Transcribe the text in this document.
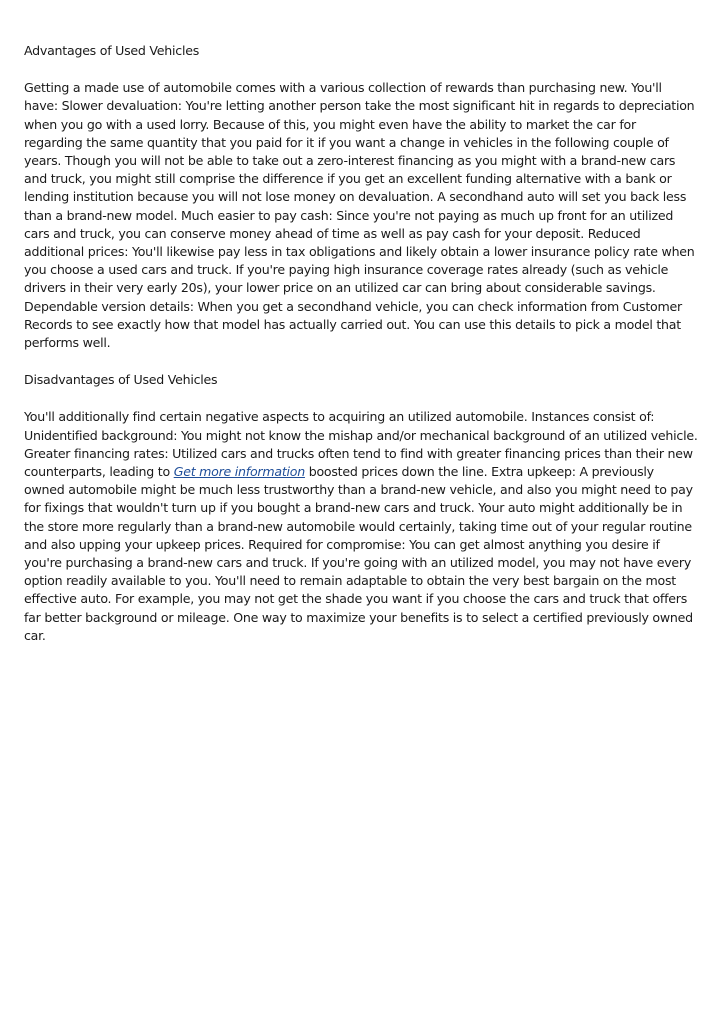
Advantages of Used Vehicles
Getting a made use of automobile comes with a various collection of rewards than purchasing new. You'll have: Slower devaluation: You're letting another person take the most significant hit in regards to depreciation when you go with a used lorry. Because of this, you might even have the ability to market the car for regarding the same quantity that you paid for it if you want a change in vehicles in the following couple of years. Though you will not be able to take out a zero-interest financing as you might with a brand-new cars and truck, you might still comprise the difference if you get an excellent funding alternative with a bank or lending institution because you will not lose money on devaluation. A secondhand auto will set you back less than a brand-new model. Much easier to pay cash: Since you're not paying as much up front for an utilized cars and truck, you can conserve money ahead of time as well as pay cash for your deposit. Reduced additional prices: You'll likewise pay less in tax obligations and likely obtain a lower insurance policy rate when you choose a used cars and truck. If you're paying high insurance coverage rates already (such as vehicle drivers in their very early 20s), your lower price on an utilized car can bring about considerable savings. Dependable version details: When you get a secondhand vehicle, you can check information from Customer Records to see exactly how that model has actually carried out. You can use this details to pick a model that performs well.
Disadvantages of Used Vehicles
You'll additionally find certain negative aspects to acquiring an utilized automobile. Instances consist of: Unidentified background: You might not know the mishap and/or mechanical background of an utilized vehicle. Greater financing rates: Utilized cars and trucks often tend to find with greater financing prices than their new counterparts, leading to Get more information boosted prices down the line. Extra upkeep: A previously owned automobile might be much less trustworthy than a brand-new vehicle, and also you might need to pay for fixings that wouldn't turn up if you bought a brand-new cars and truck. Your auto might additionally be in the store more regularly than a brand-new automobile would certainly, taking time out of your regular routine and also upping your upkeep prices. Required for compromise: You can get almost anything you desire if you're purchasing a brand-new cars and truck. If you're going with an utilized model, you may not have every option readily available to you. You'll need to remain adaptable to obtain the very best bargain on the most effective auto. For example, you may not get the shade you want if you choose the cars and truck that offers far better background or mileage. One way to maximize your benefits is to select a certified previously owned car.
